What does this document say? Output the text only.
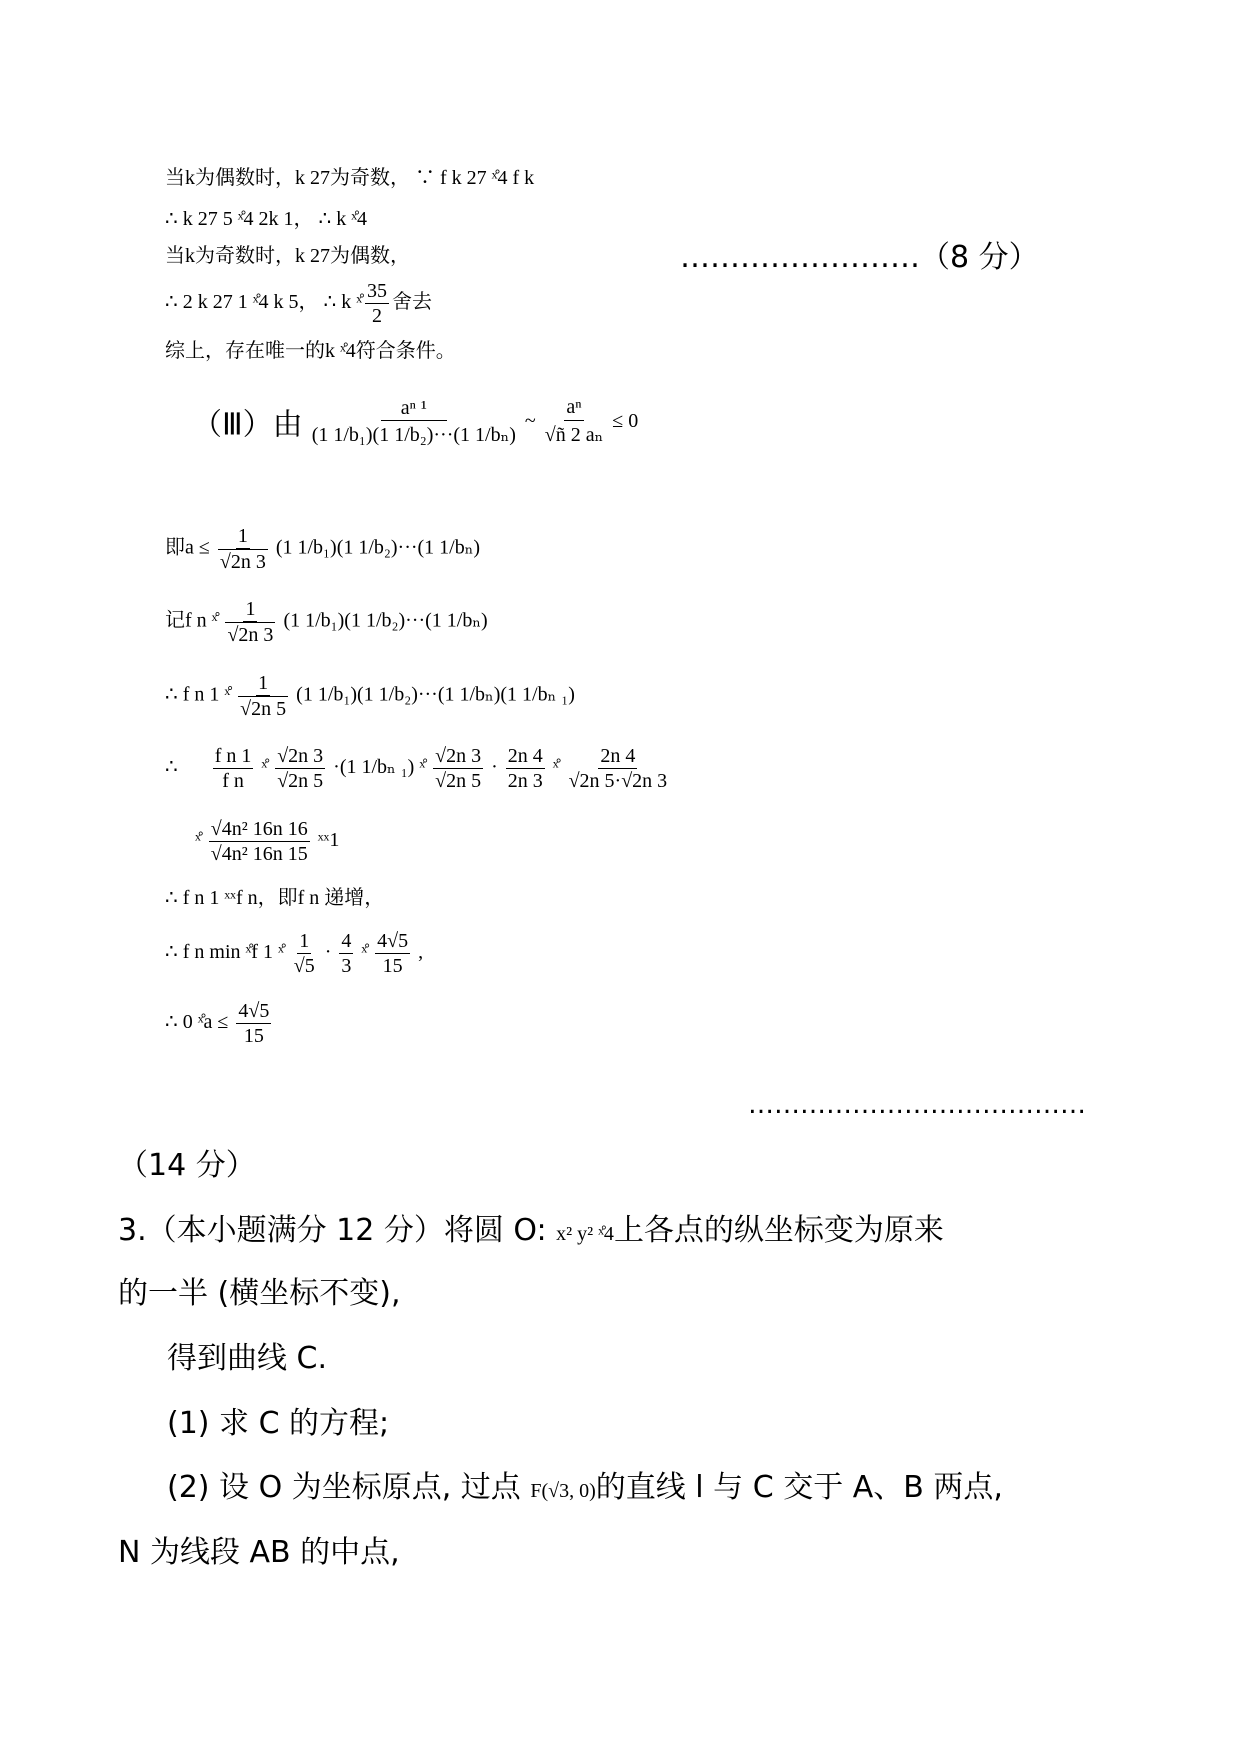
当k为偶数时，k 27为奇数， ∵ f k 27 ˣ̊4 f k
∴ k 27 5 ˣ̊4 2k 1， ∴ k ˣ̊4
当k为奇数时，k 27为偶数，	……………………（8 分）
∴ 2 k 27 1 ˣ̊4 k 5， ∴ k ˣ̊ $\frac{35}{2}$ 舍去
综上，存在唯一的k ˣ̊4符合条件。
（Ⅲ）由 $\frac{\text{aⁿ ¹}}{\text{(1 1/b₁)(1 1/b₂)···(1 1/bₙ)}}$ ~ $\frac{\text{aⁿ}}{\text{√ñ 2 aₙ}} \le 0$
即$a \le \frac{1}{√2n 3} (1$ 1/b₁)(1 1/b₂)···(1 1/bₙ)
记f n ˣ̊ $\frac{1}{√2n 3} (1$ 1/b₁)(1 1/b₂)···(1 1/bₙ)
∴ f n 1 ˣ̊ $\frac{1}{√2n 5} (1$ 1/b₁)(1 1/b₂)···(1 1/bₙ)(1 1/bₙ ₁)
∴ $\frac{\text{f n 1}}{\text{f n}}$ ˣ̊ $\frac{√2n 3}{√2n 5} \cdot(1$ 1/bₙ ₁) ˣ̊ $\frac{√2n 3}{√2n 5} \cdot \frac{2n 4}{2n 3}$ ˣ̊ $\frac{2n 4}{√2n 5\cdot√2n 3}$
ˣ̊ $\frac{\text{√4n² 16n 16}}{\text{√4n² 16n 15}}$ ˣˣ1
∴ f n 1 ˣˣf n，即f n 递增，
∴ f n min ˣ̊f 1 ˣ̊ $\frac{1}{√5} \cdot \frac{4}{3}$ ˣ̊ $\frac{4√5}{15}$ ,
∴ 0 ˣ̊a ≤ $\frac{4√5}{15}$
…………………………………
（14 分）
3.（本小题满分 12 分）将圆 O: x² y² ˣ̊4上各点的纵坐标变为原来
的一半 (横坐标不变),
得到曲线 C.
(1) 求 C 的方程;
(2) 设 O 为坐标原点, 过点 F(√3, 0)的直线 l 与 C 交于 A、B 两点,
N 为线段 AB 的中点,
